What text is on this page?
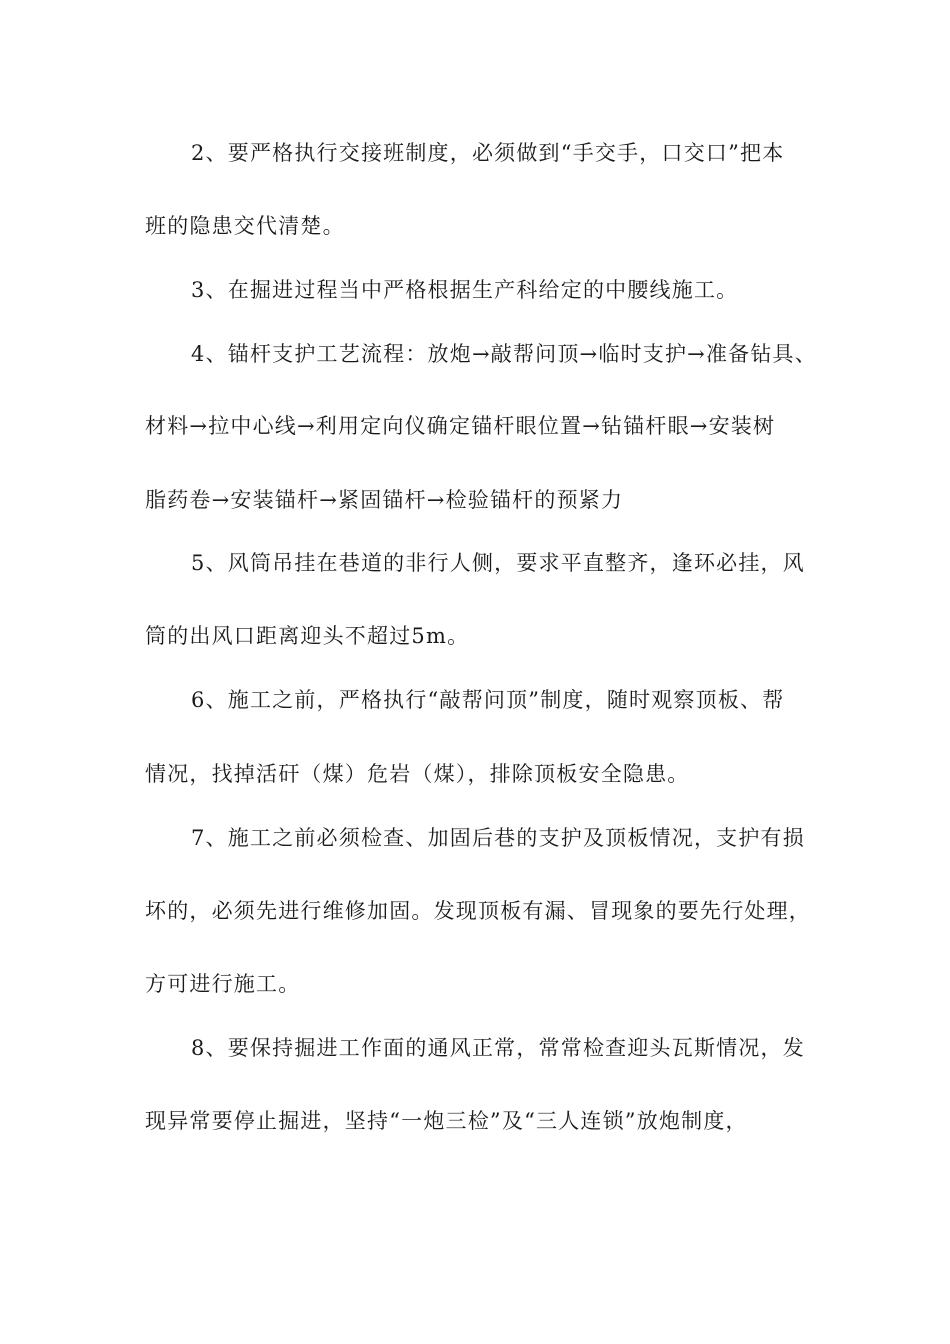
2、要严格执行交接班制度，必须做到“手交手，口交口”把本
班的隐患交代清楚。
3、在掘进过程当中严格根据生产科给定的中腰线施工。
4、锚杆支护工艺流程：放炮→敲帮问顶→临时支护→准备钻具、
材料→拉中心线→利用定向仪确定锚杆眼位置→钻锚杆眼→安装树
脂药卷→安装锚杆→紧固锚杆→检验锚杆的预紧力
5、风筒吊挂在巷道的非行人侧，要求平直整齐，逢环必挂，风
筒的出风口距离迎头不超过5m。
6、施工之前，严格执行“敲帮问顶”制度，随时观察顶板、帮
情况，找掉活矸（煤）危岩（煤），排除顶板安全隐患。
7、施工之前必须检查、加固后巷的支护及顶板情况，支护有损
坏的，必须先进行维修加固。发现顶板有漏、冒现象的要先行处理，
方可进行施工。
8、要保持掘进工作面的通风正常，常常检查迎头瓦斯情况，发
现异常要停止掘进，坚持“一炮三检”及“三人连锁”放炮制度，
